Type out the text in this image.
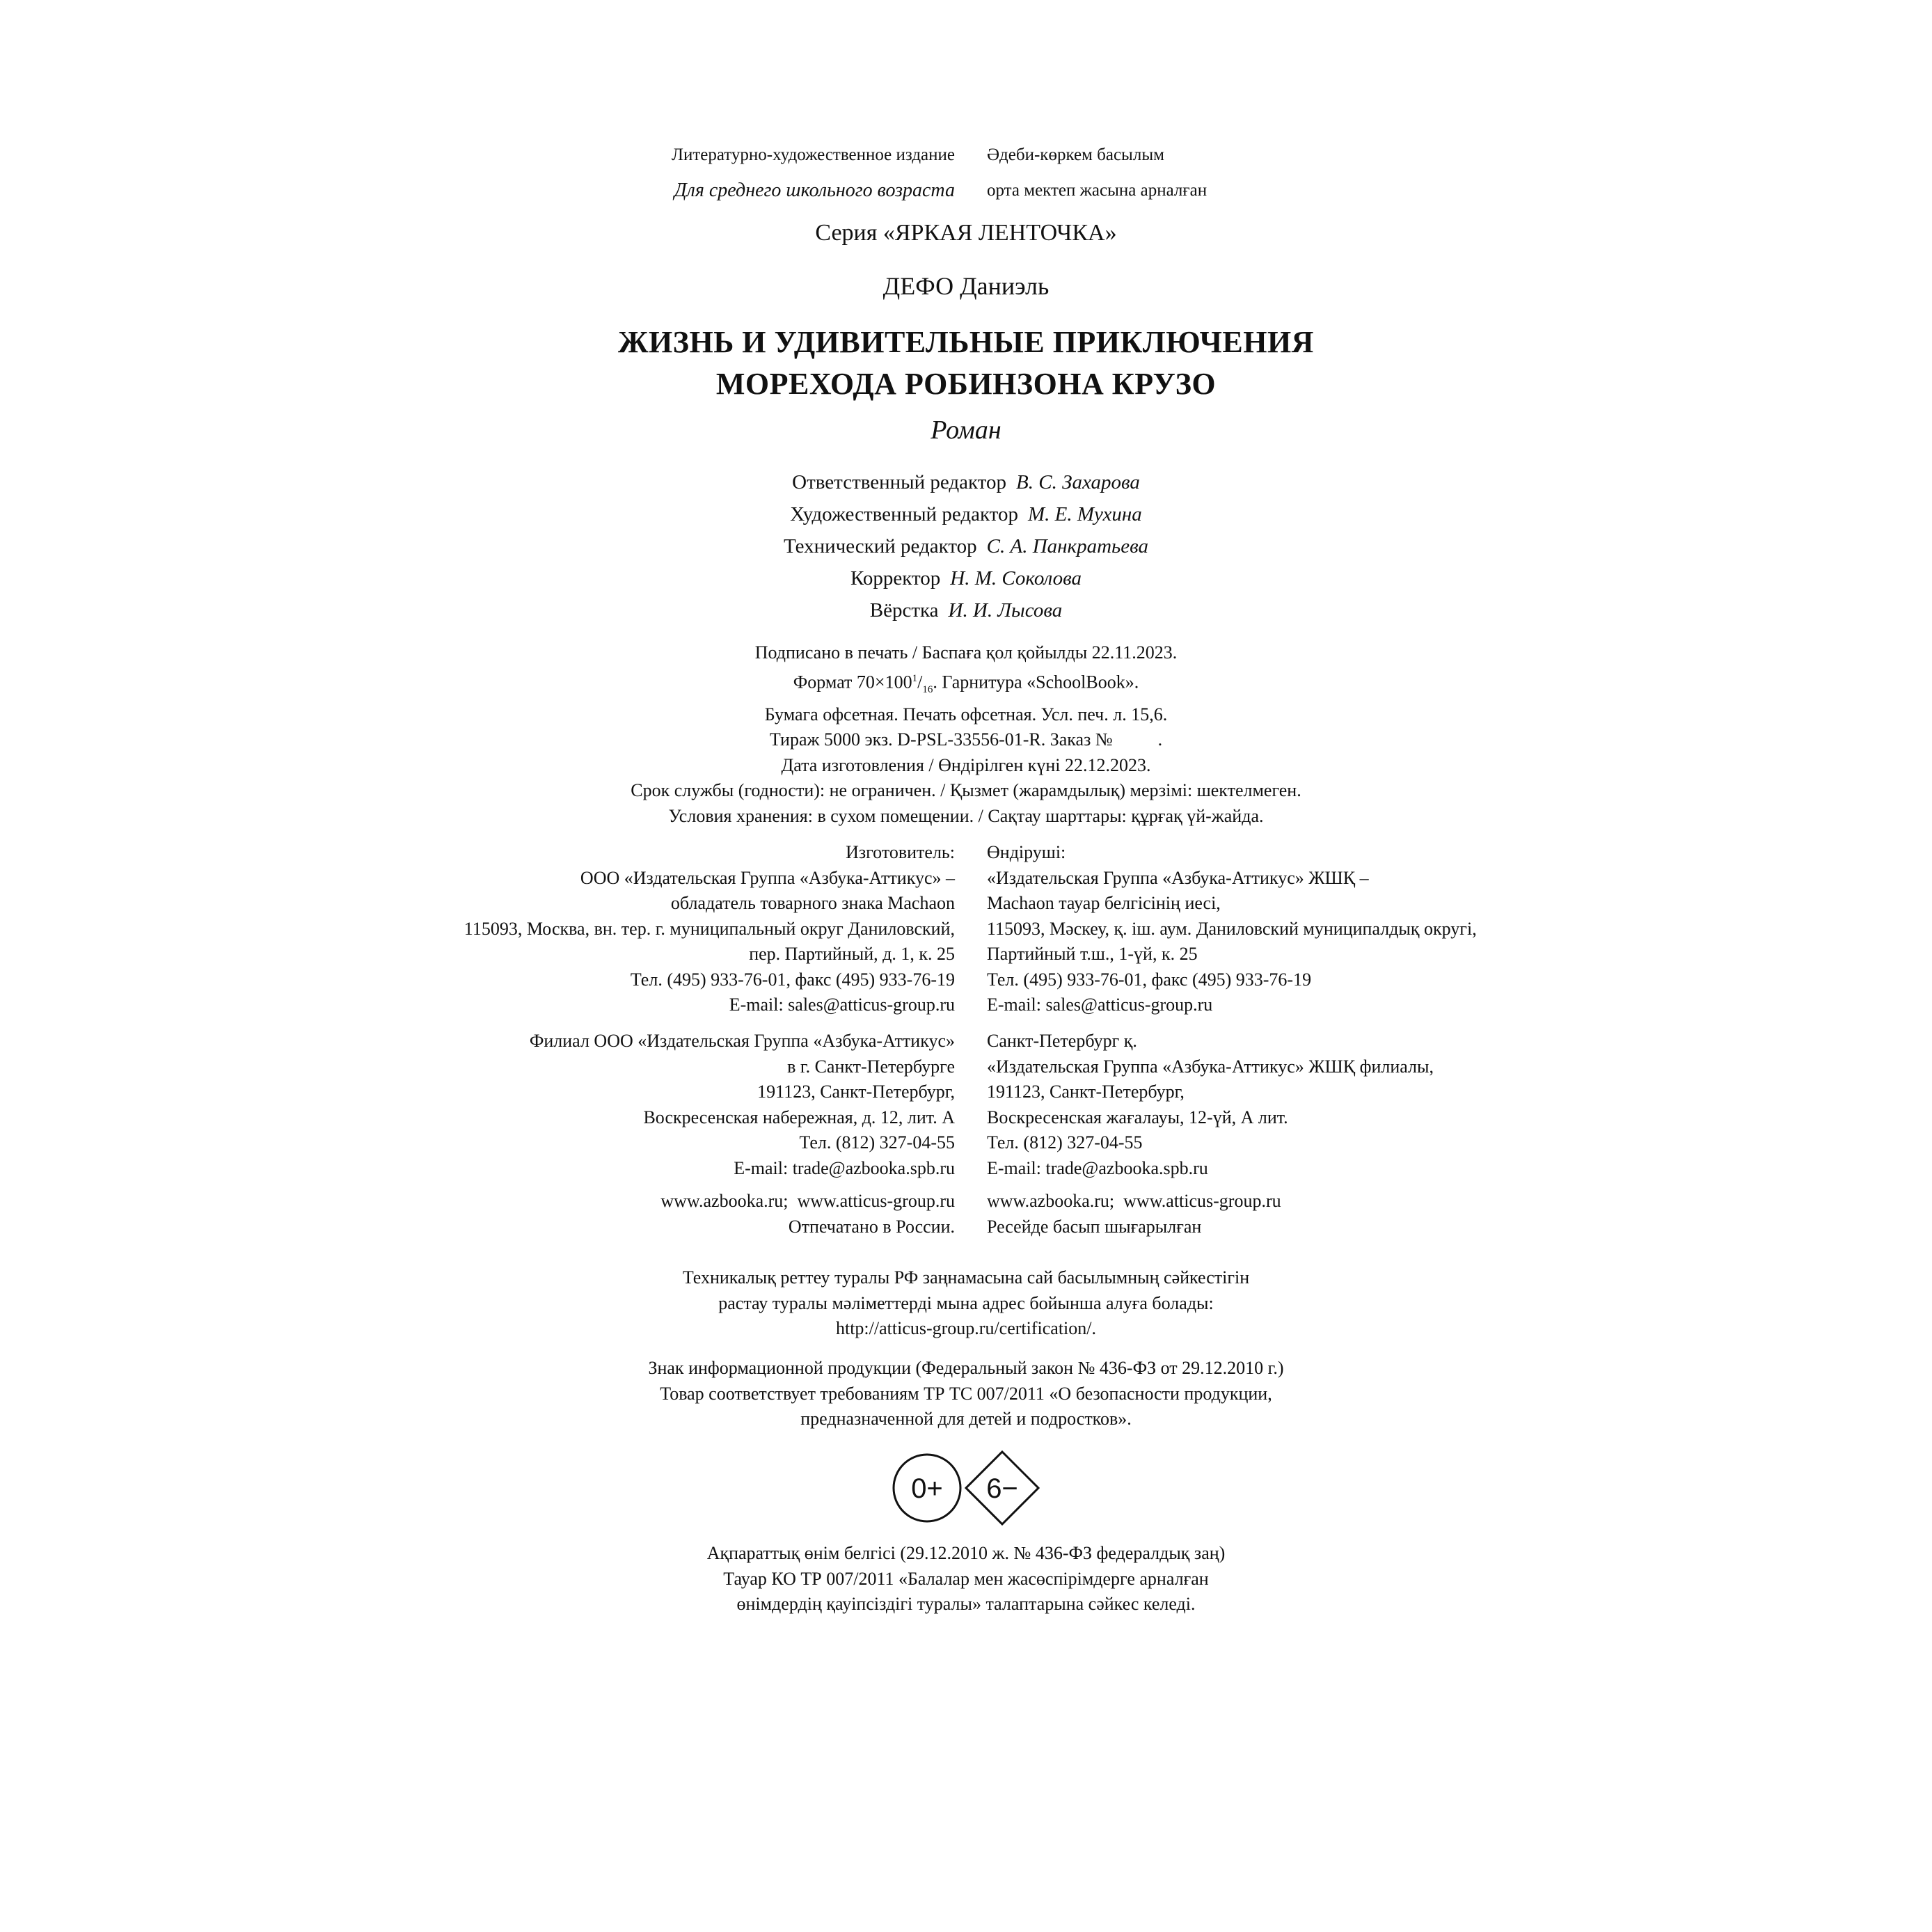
Литературно-художественное издание Әдеби-көркем басылым
Для среднего школьного возраста орта мектеп жасына арналған
Серия «ЯРКАЯ ЛЕНТОЧКА»
ДЕФО Даниэль
ЖИЗНЬ И УДИВИТЕЛЬНЫЕ ПРИКЛЮЧЕНИЯ
МОРЕХОДА РОБИНЗОНА КРУЗО
Роман
Ответственный редактор В. С. Захарова
Художественный редактор М. Е. Мухина
Технический редактор С. А. Панкратьева
Корректор Н. М. Соколова
Вёрстка И. И. Лысова
Подписано в печать / Баспаға қол қойылды 22.11.2023.
Формат $70\times 100^1/_{16}$. Гарнитура «SchoolBook».
Бумага офсетная. Печать офсетная. Усл. печ. л. 15,6.
Тираж 5000 экз. D-PSL-33556-01-R. Заказ №          .
Дата изготовления / Өндірілген күні 22.12.2023.
Срок службы (годности): не ограничен. / Қызмет (жарамдылық) мерзімі: шектелмеген.
Условия хранения: в сухом помещении. / Сақтау шарттары: құрғақ үй-жайда.
Изготовитель:
ООО «Издательская Группа «Азбука-Аттикус» –
обладатель товарного знака Machaon
115093, Москва, вн. тер. г. муниципальный округ Даниловский,
пер. Партийный, д. 1, к. 25
Тел. (495) 933-76-01, факс (495) 933-76-19
E-mail: sales@atticus-group.ru
Өндіруші:
«Издательская Группа «Азбука-Аттикус» ЖШҚ –
Machaon тауар белгісінің иесі,
115093, Мәскеу, қ. іш. аум. Даниловский муниципалдық округі,
Партийный т.ш., 1-үй, к. 25
Тел. (495) 933-76-01, факс (495) 933-76-19
E-mail: sales@atticus-group.ru
Филиал ООО «Издательская Группа «Азбука-Аттикус»
в г. Санкт-Петербурге
191123, Санкт-Петербург,
Воскресенская набережная, д. 12, лит. А
Тел. (812) 327-04-55
E-mail: trade@azbooka.spb.ru
Санкт-Петербург қ.
«Издательская Группа «Азбука-Аттикус» ЖШҚ филиалы,
191123, Санкт-Петербург,
Воскресенская жағалауы, 12-үй, А лит.
Тел. (812) 327-04-55
E-mail: trade@azbooka.spb.ru
www.azbooka.ru;  www.atticus-group.ru
Отпечатано в России.
www.azbooka.ru;  www.atticus-group.ru
Ресейде басып шығарылған
Техникалық реттеу туралы РФ заңнамасына сай басылымның сәйкестігін
растау туралы мәліметтерді мына адрес бойынша алуға болады:
http://atticus-group.ru/certification/.
Знак информационной продукции (Федеральный закон № 436-ФЗ от 29.12.2010 г.)
Товар соответствует требованиям ТР ТС 007/2011 «О безопасности продукции,
предназначенной для детей и подростков».
0+ 6−
Ақпараттық өнім белгісі (29.12.2010 ж. № 436-ФЗ федералдық заң)
Тауар КО ТР 007/2011 «Балалар мен жасөспірімдерге арналған
өнімдердің қауіпсіздігі туралы» талаптарына сәйкес келеді.
